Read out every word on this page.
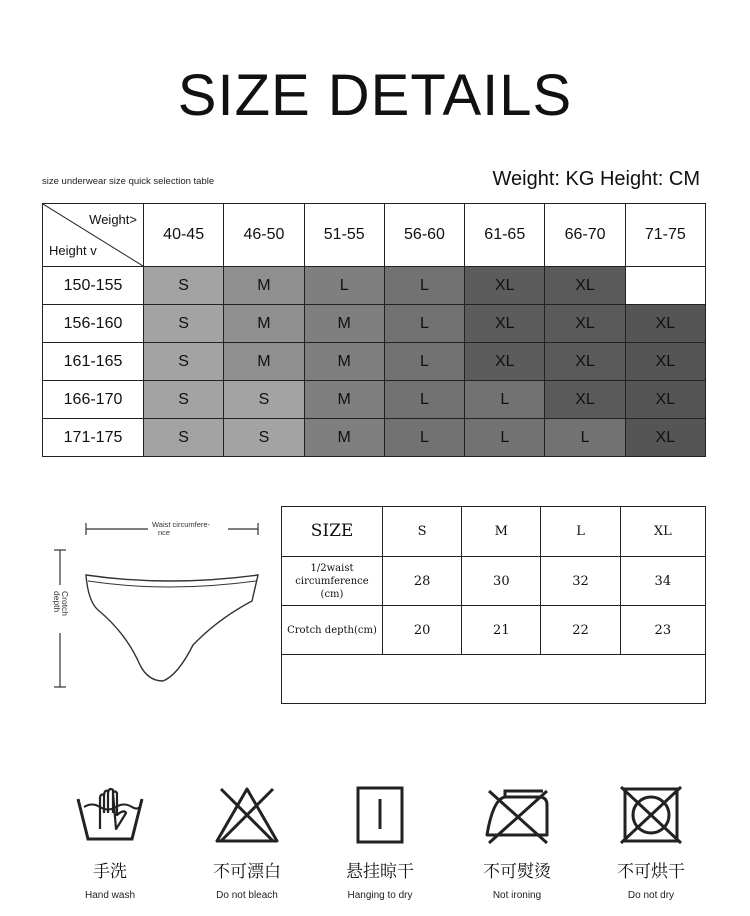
SIZE DETAILS
size underwear size quick selection table	Weight: KG Height: CM
Weight>
Height v	40-45	46-50	51-55	56-60	61-65	66-70	71-75
150-155	S	M	L	L	XL	XL	
156-160	S	M	M	L	XL	XL	XL
161-165	S	M	M	L	XL	XL	XL
166-170	S	S	M	L	L	XL	XL
171-175	S	S	M	L	L	L	XL
Waist circumfere-
nce
Crotch
depth
SIZE	S	M	L	XL

1/2waist
circumference
(cm)	28	30	32	34
Crotch depth(cm)	20	21	22	23

手洗
Hand wash
不可漂白
Do not bleach
悬挂晾干
Hanging to dry
不可熨烫
Not ironing
不可烘干
Do not dry
